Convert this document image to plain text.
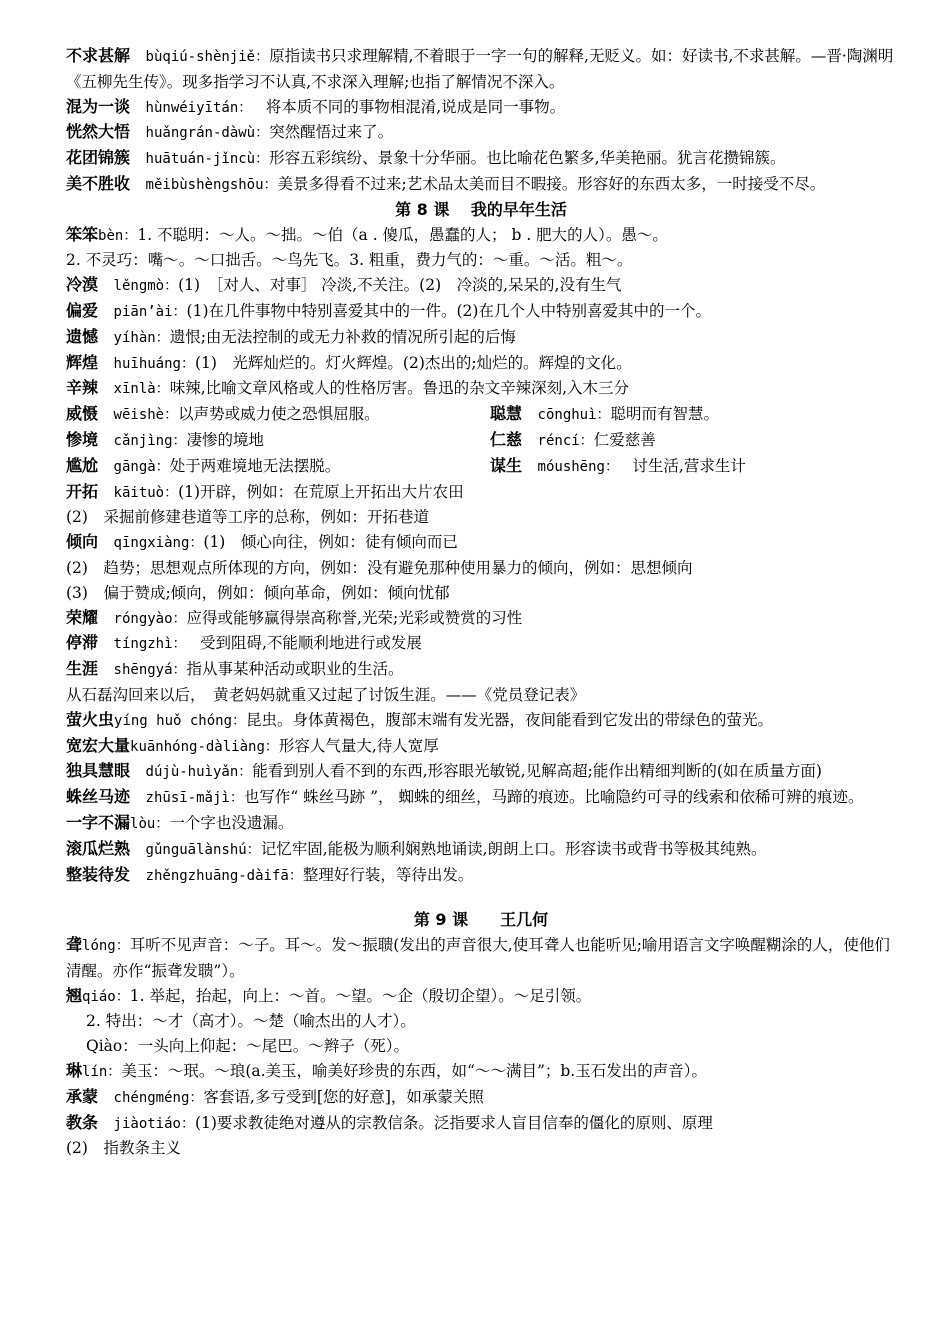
不求甚解　 bùqiú-shènjiě：原指读书只求理解精,不着眼于一字一句的解释,无贬义。如：好读书,不求甚解。—晋·陶渊明《五柳先生传》。现多指学习不认真,不求深入理解;也指了解情况不深入。

混为一谈　 hùnwéiyītán：　 将本质不同的事物相混淆,说成是同一事物。

恍然大悟　 huǎngrán-dàwù：突然醒悟过来了。

花团锦簇　 huātuán-jǐncù：形容五彩缤纷、景象十分华丽。也比喻花色繁多,华美艳丽。犹言花攒锦簇。

美不胜收　 měibùshèngshōu：美景多得看不过来;艺术品太美而目不暇接。形容好的东西太多，一时接受不尽。

第 8 课　 我的早年生活

笨笨bèn：1. 不聪明：～人。～拙。～伯（a . 傻瓜，愚蠢的人； b . 肥大的人）。愚～。

2. 不灵巧：嘴～。～口拙舌。～鸟先飞。3. 粗重，费力气的：～重。～活。粗～。

冷漠　 lěngmò：(1)　［对人、对事］ 冷淡,不关注。(2)　冷淡的,呆呆的,没有生气

偏爱　 piān’ài：(1)在几件事物中特别喜爱其中的一件。(2)在几个人中特别喜爱其中的一个。

遗憾　 yíhàn：遗恨;由无法控制的或无力补救的情况所引起的后悔

辉煌　 huīhuáng：(1)　光辉灿烂的。灯火辉煌。(2)杰出的;灿烂的。辉煌的文化。

辛辣　 xīnlà：味辣,比喻文章风格或人的性格厉害。鲁迅的杂文辛辣深刻,入木三分

威慑　 wēishè：以声势或威力使之恐惧屈服。	聪慧　 cōnghuì：聪明而有智慧。

惨境　 cǎnjìng：凄惨的境地	仁慈　 réncí：仁爱慈善

尴尬　 gāngà：处于两难境地无法摆脱。	谋生　 móushēng：　 讨生活,营求生计

开拓　 kāituò：(1)开辟，例如：在荒原上开拓出大片农田

(2)　采掘前修建巷道等工序的总称，例如：开拓巷道

倾向　 qīngxiàng：(1)　倾心向往，例如：徒有倾向而已

(2)　趋势；思想观点所体现的方向，例如：没有避免那种使用暴力的倾向，例如：思想倾向

(3)　偏于赞成;倾向，例如：倾向革命，例如：倾向忧郁

荣耀　 róngyào：应得或能够赢得崇高称誉,光荣;光彩或赞赏的习性

停滞　 tíngzhì：　 受到阻碍,不能顺利地进行或发展

生涯　 shēngyá：指从事某种活动或职业的生活。

从石磊沟回来以后，　黄老妈妈就重又过起了讨饭生涯。——《党员登记表》

萤火虫yíng huǒ chóng：昆虫。身体黄褐色，腹部末端有发光器，夜间能看到它发出的带绿色的萤光。

宽宏大量kuānhóng-dàliàng：形容人气量大,待人宽厚

独具慧眼　 dújù-huìyǎn：能看到别人看不到的东西,形容眼光敏锐,见解高超;能作出精细判断的(如在质量方面)

蛛丝马迹　 zhūsī-mǎjì：也写作“ 蛛丝马跡 ”， 蜘蛛的细丝，马蹄的痕迹。比喻隐约可寻的线索和依稀可辨的痕迹。

一字不漏lòu：一个字也没遗漏。

滚瓜烂熟　 gǔnguālànshú：记忆牢固,能极为顺利娴熟地诵读,朗朗上口。形容读书或背书等极其纯熟。

整装待发　 zhěngzhuāng-dàifā：整理好行装，等待出发。

第 9 课　　王几何

聋lóng：耳听不见声音：～子。耳～。发～振聩(发出的声音很大,使耳聋人也能听见;喻用语言文字唤醒糊涂的人，使他们清醒。亦作“振聋发聩”）。

翘qiáo：1. 举起，抬起，向上：～首。～望。～企（殷切企望）。～足引领。

2. 特出：～才（高才）。～楚（喻杰出的人才）。

Qiào：一头向上仰起：～尾巴。～辫子（死）。

琳lín：美玉：～珉。～琅(a.美玉，喻美好珍贵的东西，如“～～满目”；b.玉石发出的声音）。

承蒙　 chéngméng：客套语,多亏受到[您的好意]，如承蒙关照

教条　 jiàotiáo：(1)要求教徒绝对遵从的宗教信条。泛指要求人盲目信奉的僵化的原则、原理

(2)　指教条主义
